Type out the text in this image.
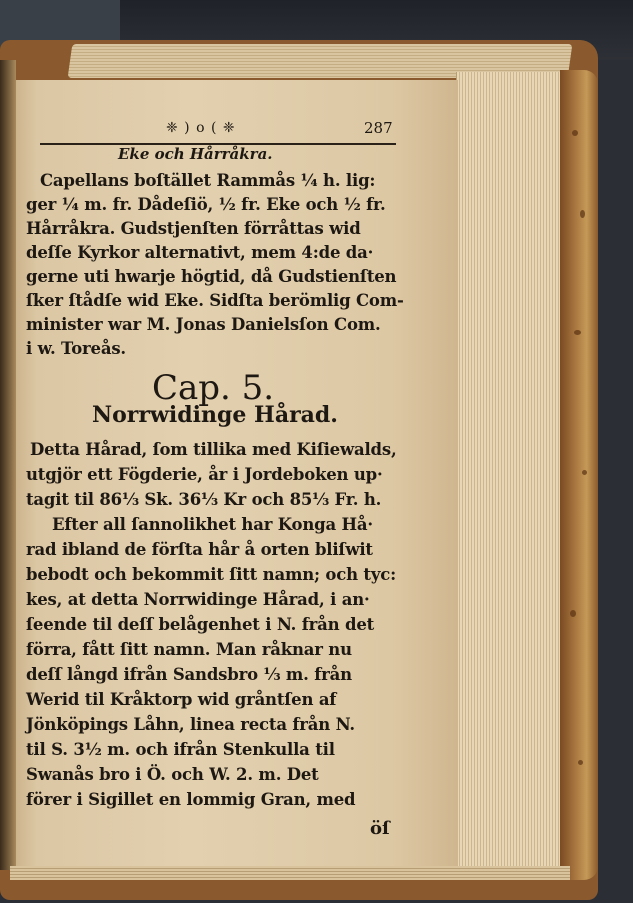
❈ ) o ( ❈	287
Eke och Hårråkra.
Capellans boſtället Rammås ¼ h. lig:
ger ¼ m. fr. Dådeſiö, ½ fr. Eke och ½ fr.
Hårråkra. Gudstjenſten förråttas wid
deſſe Kyrkor alternativt, mem 4:de da·
gerne uti hwarje högtid, då Gudstienſten
ſker ſtådſe wid Eke. Sidſta berömlig Com-
minister war M. Jonas Danielsſon Com.
i w. Toreås.
Cap. 5.
Norrwidinge Hårad.
Detta Hårad, ſom tillika med Kiſiewalds,
utgjör ett Fögderie, år i Jordeboken up·
tagit til 86⅓ Sk. 36⅓ Kr och 85⅓ Fr. h.
Efter all ſannolikhet har Konga Hå·
rad ibland de förſta hår å orten bliſwit
bebodt och bekommit ſitt namn; och tyc:
kes, at detta Norrwidinge Hårad, i an·
ſeende til deſſ belågenhet i N. från det
förra, fått ſitt namn. Man råknar nu
deſſ långd ifrån Sandsbro ⅓ m. från
Werid til Kråktorp wid gråntſen af
Jönköpings Låhn, linea recta från N.
til S. 3½ m. och ifrån Stenkulla til
Swanås bro i Ö. och W. 2. m. Det
förer i Sigillet en lommig Gran, med
öſ
